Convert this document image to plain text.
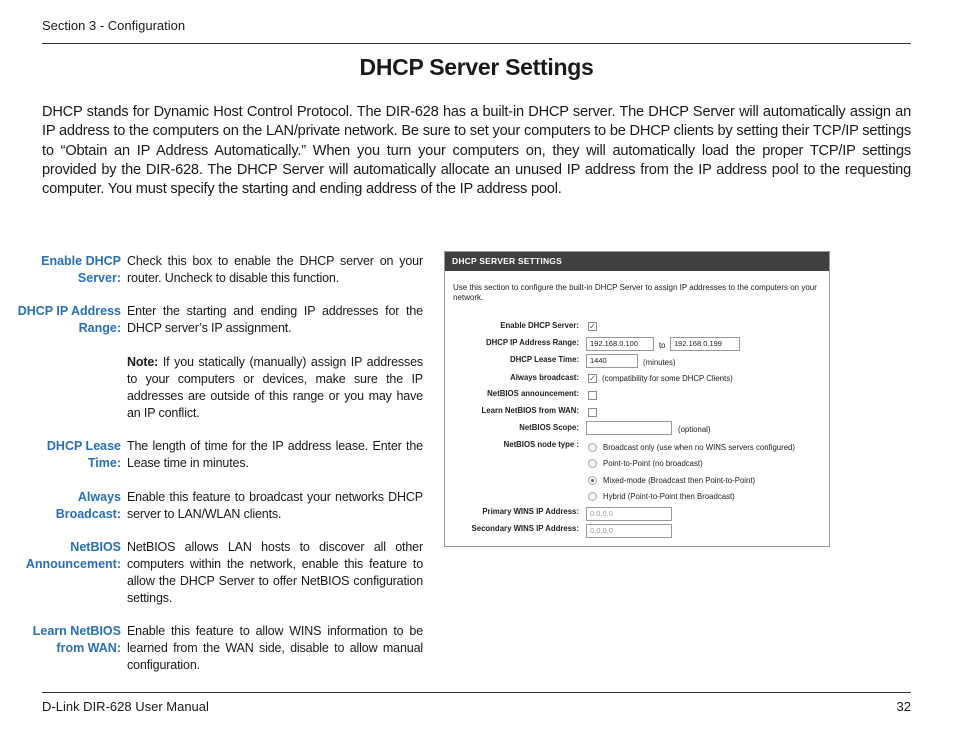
Section 3 - Configuration
DHCP Server Settings
DHCP stands for Dynamic Host Control Protocol. The DIR-628 has a built-in DHCP server. The DHCP Server will automatically assign an IP address to the computers on the LAN/private network. Be sure to set your computers to be DHCP clients by setting their TCP/IP settings to “Obtain an IP Address Automatically.” When you turn your computers on, they will automatically load the proper TCP/IP settings provided by the DIR-628. The DHCP Server will automatically allocate an unused IP address from the IP address pool to the requesting computer. You must specify the starting and ending address of the IP address pool.
Enable DHCP Server:
Check this box to enable the DHCP server on your router. Uncheck to disable this function.
DHCP IP Address Range:
Enter the starting and ending IP addresses for the DHCP server’s IP assignment.
Note: If you statically (manually) assign IP addresses to your computers or devices, make sure the IP addresses are outside of this range or you may have an IP conflict.
DHCP Lease Time:
The length of time for the IP address lease. Enter the Lease time in minutes.
Always Broadcast:
Enable this feature to broadcast your networks DHCP server to LAN/WLAN clients.
NetBIOS Announcement:
NetBIOS allows LAN hosts to discover all other computers within the network, enable this feature to allow the DHCP Server to offer NetBIOS configuration settings.
Learn NetBIOS from WAN:
Enable this feature to allow WINS information to be learned from the WAN side, disable to allow manual configuration.
DHCP SERVER SETTINGS
Use this section to configure the built-in DHCP Server to assign IP addresses to the computers on your network.
Enable DHCP Server: ✓
DHCP IP Address Range:	192.168.0.100	to	192.168.0.199
DHCP Lease Time:	1440	(minutes)
Always broadcast: ✓ (compatibility for some DHCP Clients)
NetBIOS announcement:
Learn NetBIOS from WAN:
NetBIOS Scope:	(optional)
NetBIOS node type :	Broadcast only (use when no WINS servers configured)
Point-to-Point (no broadcast)
Mixed-mode (Broadcast then Point-to-Point)
Hybrid (Point-to-Point then Broadcast)
Primary WINS IP Address:	0.0.0.0
Secondary WINS IP Address:	0.0.0.0
D-Link DIR-628 User Manual	32
